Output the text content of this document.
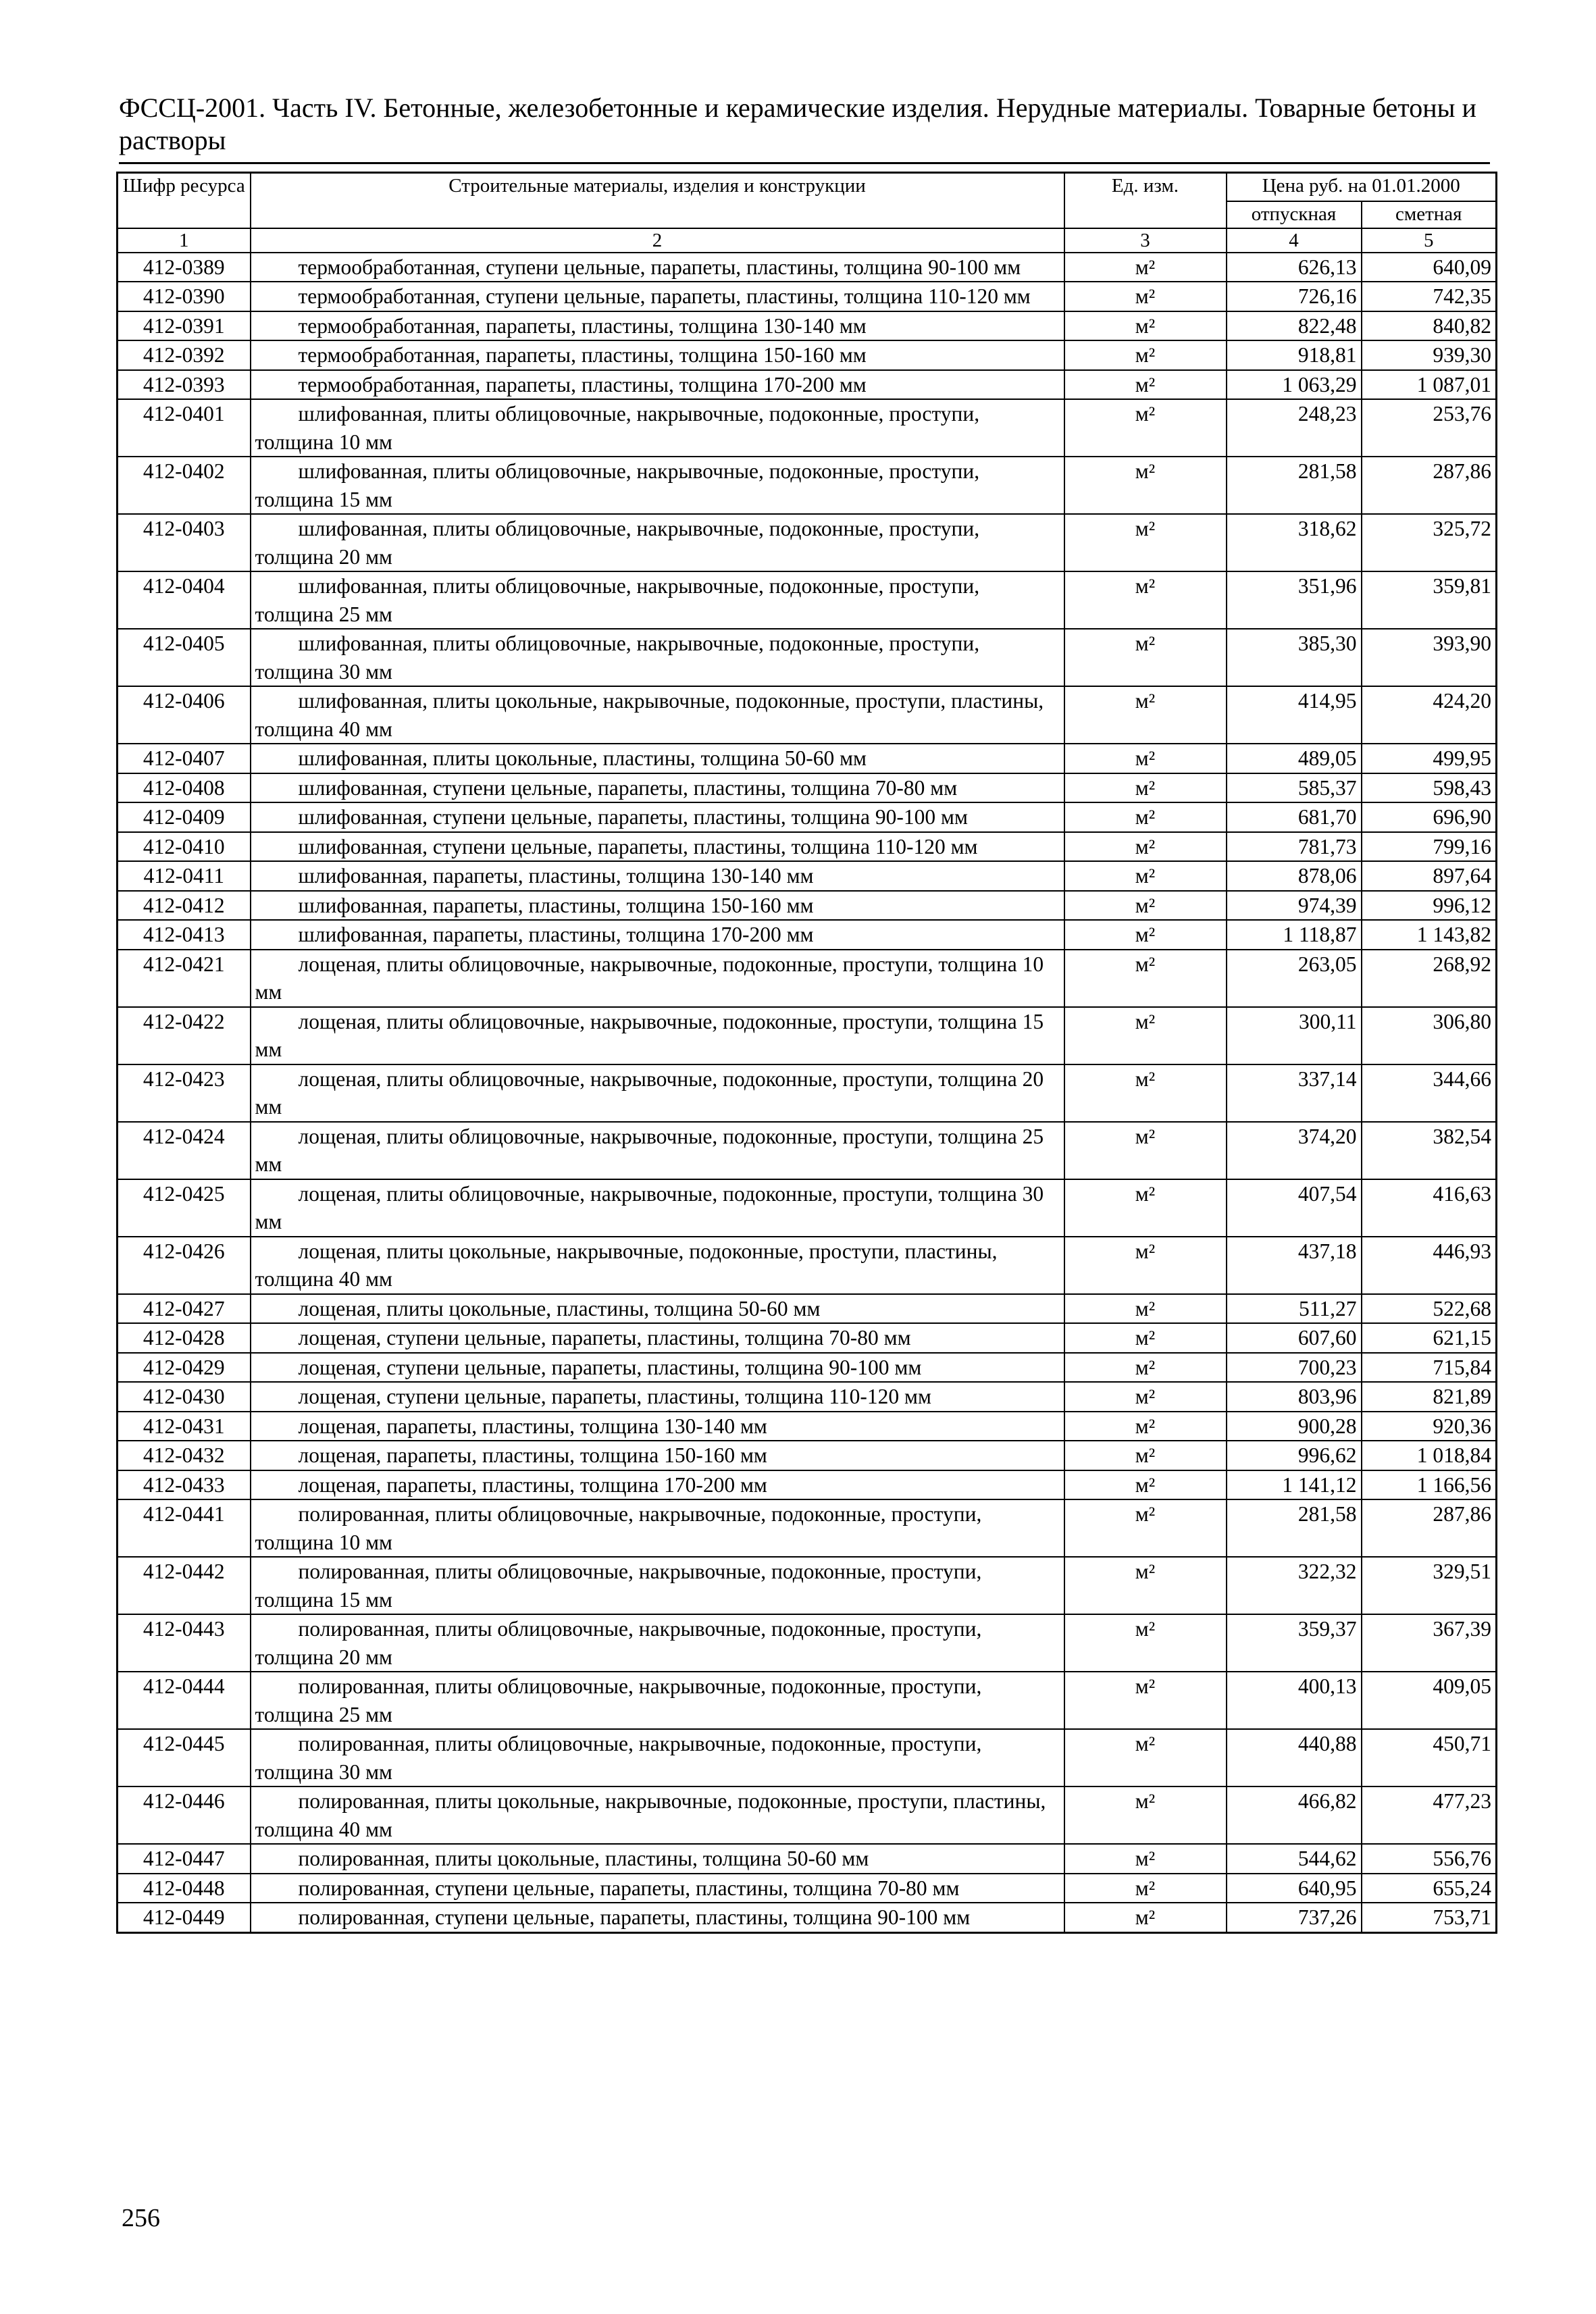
ФССЦ-2001. Часть IV. Бетонные, железобетонные и керамические изделия. Нерудные материалы. Товарные бетоны и растворы
Шифр ресурса	Строительные материалы, изделия и конструкции	Ед. изм.	Цена руб. на 01.01.2000	
			отпускная	сметная
1	2	3	4	5
412-0389	термообработанная, ступени цельные, парапеты, пластины, толщина 90-100 мм	м²	626,13	640,09
412-0390	термообработанная, ступени цельные, парапеты, пластины, толщина 110-120 мм	м²	726,16	742,35
412-0391	термообработанная, парапеты, пластины, толщина 130-140 мм	м²	822,48	840,82
412-0392	термообработанная, парапеты, пластины, толщина 150-160 мм	м²	918,81	939,30
412-0393	термообработанная, парапеты, пластины, толщина 170-200 мм	м²	1 063,29	1 087,01
412-0401	шлифованная, плиты облицовочные, накрывочные, подоконные, проступи, толщина 10 мм	м²	248,23	253,76
412-0402	шлифованная, плиты облицовочные, накрывочные, подоконные, проступи, толщина 15 мм	м²	281,58	287,86
412-0403	шлифованная, плиты облицовочные, накрывочные, подоконные, проступи, толщина 20 мм	м²	318,62	325,72
412-0404	шлифованная, плиты облицовочные, накрывочные, подоконные, проступи, толщина 25 мм	м²	351,96	359,81
412-0405	шлифованная, плиты облицовочные, накрывочные, подоконные, проступи, толщина 30 мм	м²	385,30	393,90
412-0406	шлифованная, плиты цокольные, накрывочные, подоконные, проступи, пластины, толщина 40 мм	м²	414,95	424,20
412-0407	шлифованная, плиты цокольные, пластины, толщина 50-60 мм	м²	489,05	499,95
412-0408	шлифованная, ступени цельные, парапеты, пластины, толщина 70-80 мм	м²	585,37	598,43
412-0409	шлифованная, ступени цельные, парапеты, пластины, толщина 90-100 мм	м²	681,70	696,90
412-0410	шлифованная, ступени цельные, парапеты, пластины, толщина 110-120 мм	м²	781,73	799,16
412-0411	шлифованная, парапеты, пластины, толщина 130-140 мм	м²	878,06	897,64
412-0412	шлифованная, парапеты, пластины, толщина 150-160 мм	м²	974,39	996,12
412-0413	шлифованная, парапеты, пластины, толщина 170-200 мм	м²	1 118,87	1 143,82
412-0421	лощеная, плиты облицовочные, накрывочные, подоконные, проступи, толщина 10 мм	м²	263,05	268,92
412-0422	лощеная, плиты облицовочные, накрывочные, подоконные, проступи, толщина 15 мм	м²	300,11	306,80
412-0423	лощеная, плиты облицовочные, накрывочные, подоконные, проступи, толщина 20 мм	м²	337,14	344,66
412-0424	лощеная, плиты облицовочные, накрывочные, подоконные, проступи, толщина 25 мм	м²	374,20	382,54
412-0425	лощеная, плиты облицовочные, накрывочные, подоконные, проступи, толщина 30 мм	м²	407,54	416,63
412-0426	лощеная, плиты цокольные, накрывочные, подоконные, проступи, пластины, толщина 40 мм	м²	437,18	446,93
412-0427	лощеная, плиты цокольные, пластины, толщина 50-60 мм	м²	511,27	522,68
412-0428	лощеная, ступени цельные, парапеты, пластины, толщина 70-80 мм	м²	607,60	621,15
412-0429	лощеная, ступени цельные, парапеты, пластины, толщина 90-100 мм	м²	700,23	715,84
412-0430	лощеная, ступени цельные, парапеты, пластины, толщина 110-120 мм	м²	803,96	821,89
412-0431	лощеная, парапеты, пластины, толщина 130-140 мм	м²	900,28	920,36
412-0432	лощеная, парапеты, пластины, толщина 150-160 мм	м²	996,62	1 018,84
412-0433	лощеная, парапеты, пластины, толщина 170-200 мм	м²	1 141,12	1 166,56
412-0441	полированная, плиты облицовочные, накрывочные, подоконные, проступи, толщина 10 мм	м²	281,58	287,86
412-0442	полированная, плиты облицовочные, накрывочные, подоконные, проступи, толщина 15 мм	м²	322,32	329,51
412-0443	полированная, плиты облицовочные, накрывочные, подоконные, проступи, толщина 20 мм	м²	359,37	367,39
412-0444	полированная, плиты облицовочные, накрывочные, подоконные, проступи, толщина 25 мм	м²	400,13	409,05
412-0445	полированная, плиты облицовочные, накрывочные, подоконные, проступи, толщина 30 мм	м²	440,88	450,71
412-0446	полированная, плиты цокольные, накрывочные, подоконные, проступи, пластины, толщина 40 мм	м²	466,82	477,23
412-0447	полированная, плиты цокольные, пластины, толщина 50-60 мм	м²	544,62	556,76
412-0448	полированная, ступени цельные, парапеты, пластины, толщина 70-80 мм	м²	640,95	655,24
412-0449	полированная, ступени цельные, парапеты, пластины, толщина 90-100 мм	м²	737,26	753,71
256
